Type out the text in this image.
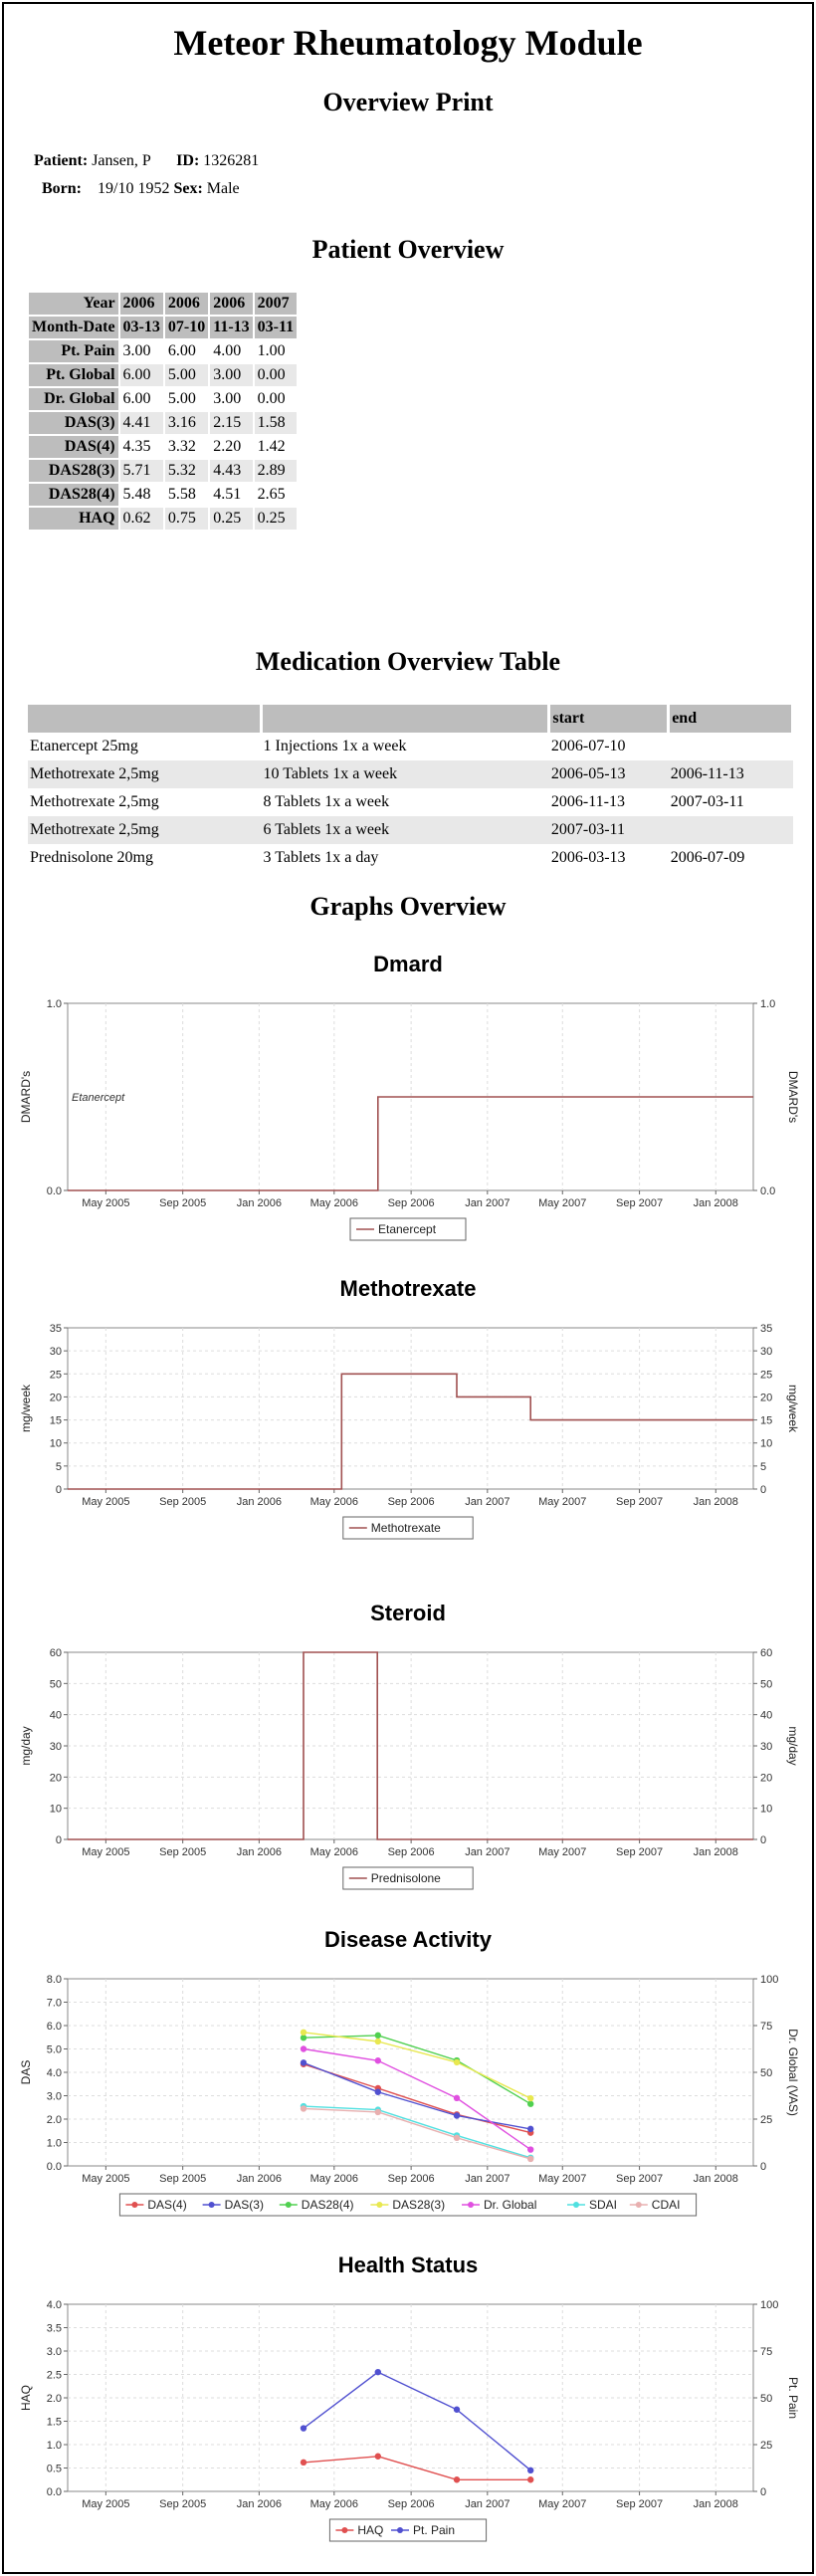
Meteor Rheumatology Module
Overview Print
Patient: Jansen, P ID: 1326281
Born: 19/10 1952 Sex: Male
Patient Overview
Year	2006	2006	2006	2007
Month-Date	03-13	07-10	11-13	03-11
Pt. Pain	3.00	6.00	4.00	1.00
Pt. Global	6.00	5.00	3.00	0.00
Dr. Global	6.00	5.00	3.00	0.00
DAS(3)	4.41	3.16	2.15	1.58
DAS(4)	4.35	3.32	2.20	1.42
DAS28(3)	5.71	5.32	4.43	2.89
DAS28(4)	5.48	5.58	4.51	2.65
HAQ	0.62	0.75	0.25	0.25
Medication Overview Table
		start	end
Etanercept 25mg	1 Injections 1x a week	2006-07-10	
Methotrexate 2,5mg	10 Tablets 1x a week	2006-05-13	2006-11-13
Methotrexate 2,5mg	8 Tablets 1x a week	2006-11-13	2007-03-11
Methotrexate 2,5mg	6 Tablets 1x a week	2007-03-11	
Prednisolone 20mg	3 Tablets 1x a day	2006-03-13	2006-07-09
Graphs Overview
Dmard
May 2005	Sep 2005	Jan 2006	May 2006	Sep 2006	Jan 2007	May 2007	Sep 2007	Jan 2008
0.0
1.0
0.0
1.0
DMARD's	DMARD's
Etanercept
Etanercept
Methotrexate
May 2005	Sep 2005	Jan 2006	May 2006	Sep 2006	Jan 2007	May 2007	Sep 2007	Jan 2008
0
5
10
15
20
25
30
35
0
5
10
15
20
25
30
35
mg/week	mg/week
Methotrexate
Steroid
May 2005	Sep 2005	Jan 2006	May 2006	Sep 2006	Jan 2007	May 2007	Sep 2007	Jan 2008
0
10
20
30
40
50
60
0
10
20
30
40
50
60
mg/day	mg/day
Prednisolone
Disease Activity
May 2005	Sep 2005	Jan 2006	May 2006	Sep 2006	Jan 2007	May 2007	Sep 2007	Jan 2008
0.0
1.0
2.0
3.0
4.0
5.0
6.0
7.0
8.0
0
25
50
75
100
DAS	Dr. Global (VAS)
DAS(4)	DAS(3)	DAS28(4)	DAS28(3)	Dr. Global	SDAI	CDAI
Health Status
May 2005	Sep 2005	Jan 2006	May 2006	Sep 2006	Jan 2007	May 2007	Sep 2007	Jan 2008
0.0
0.5
1.0
1.5
2.0
2.5
3.0
3.5
4.0
0
25
50
75
100
HAQ	Pt. Pain
HAQ Pt. Pain
